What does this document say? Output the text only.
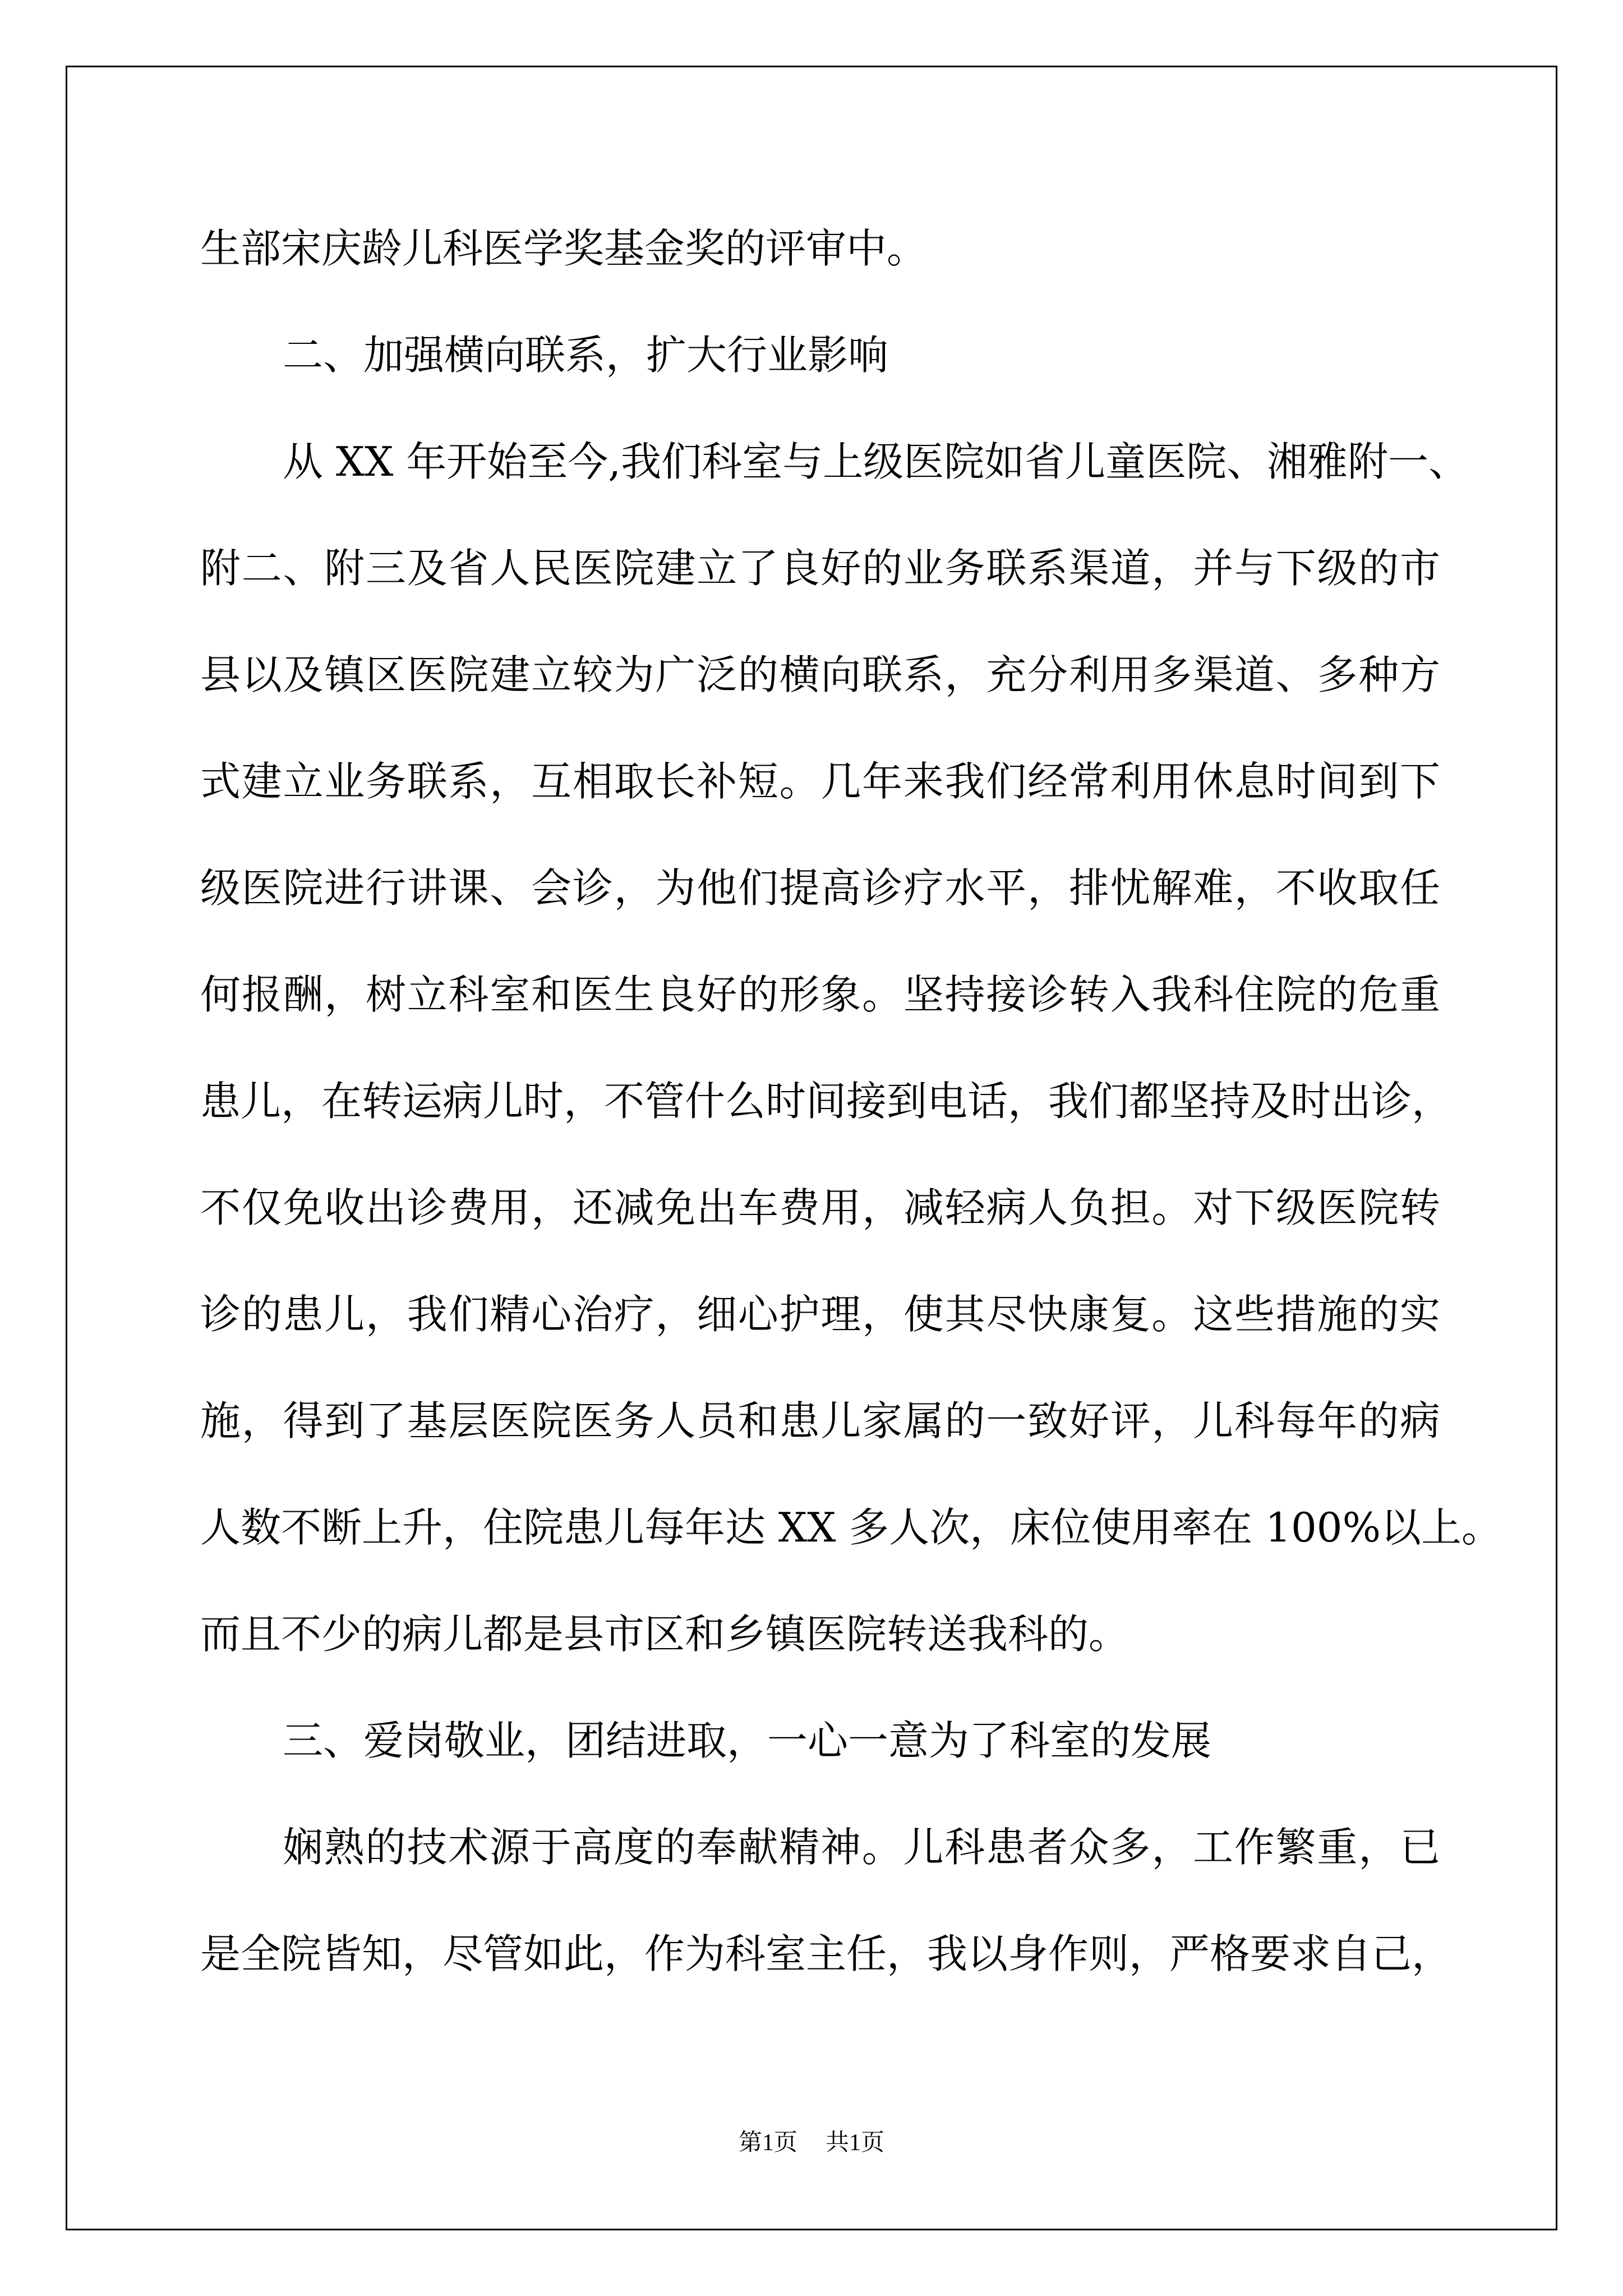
生部宋庆龄儿科医学奖基金奖的评审中。
二、加强横向联系，扩大行业影响
从 XX 年开始至今,我们科室与上级医院如省儿童医院、湘雅附一、
附二、附三及省人民医院建立了良好的业务联系渠道，并与下级的市
县以及镇区医院建立较为广泛的横向联系，充分利用多渠道、多种方
式建立业务联系，互相取长补短。几年来我们经常利用休息时间到下
级医院进行讲课、会诊，为他们提高诊疗水平，排忧解难，不收取任
何报酬，树立科室和医生良好的形象。坚持接诊转入我科住院的危重
患儿，在转运病儿时，不管什么时间接到电话，我们都坚持及时出诊，
不仅免收出诊费用，还减免出车费用，减轻病人负担。对下级医院转
诊的患儿，我们精心治疗，细心护理，使其尽快康复。这些措施的实
施，得到了基层医院医务人员和患儿家属的一致好评，儿科每年的病
人数不断上升，住院患儿每年达 XX 多人次，床位使用率在 100%以上。
而且不少的病儿都是县市区和乡镇医院转送我科的。
三、爱岗敬业，团结进取，一心一意为了科室的发展
娴熟的技术源于高度的奉献精神。儿科患者众多，工作繁重，已
是全院皆知，尽管如此，作为科室主任，我以身作则，严格要求自己，
第1页 共1页
